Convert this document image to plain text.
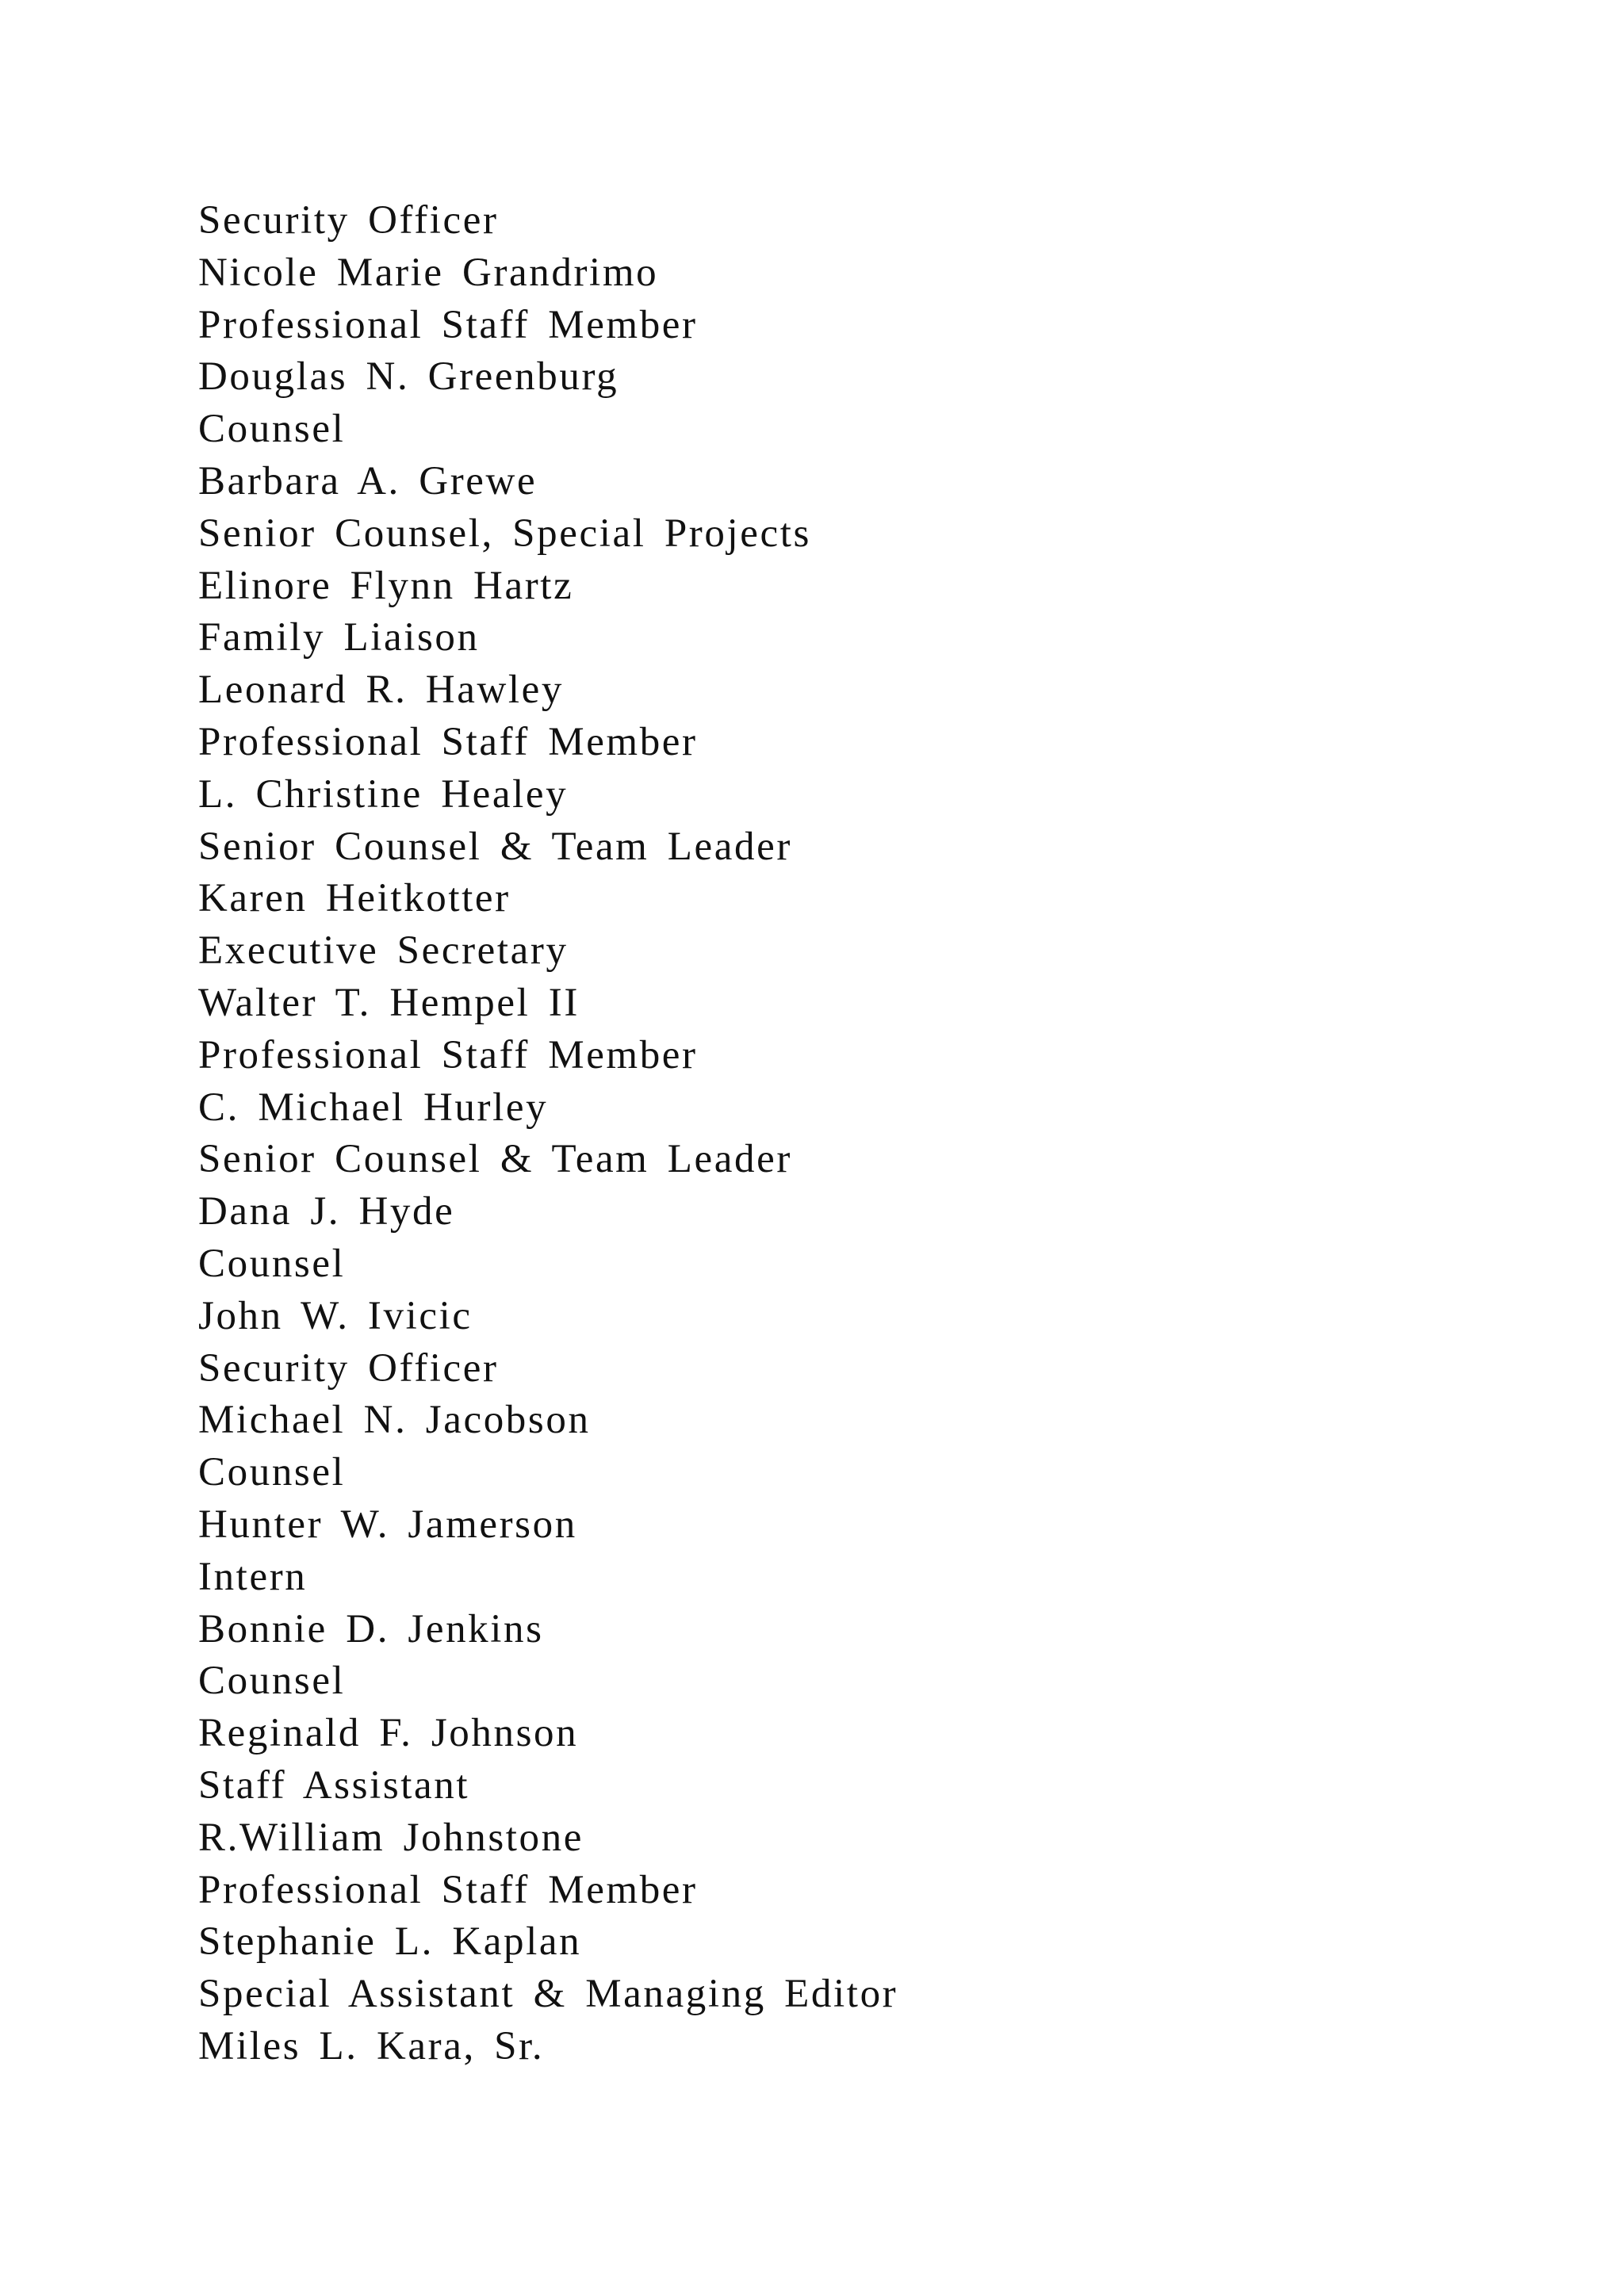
Security Officer
Nicole Marie Grandrimo
Professional Staff Member
Douglas N. Greenburg
Counsel
Barbara A. Grewe
Senior Counsel, Special Projects
Elinore Flynn Hartz
Family Liaison
Leonard R. Hawley
Professional Staff Member
L. Christine Healey
Senior Counsel & Team Leader
Karen Heitkotter
Executive Secretary
Walter T. Hempel II
Professional Staff Member
C. Michael Hurley
Senior Counsel & Team Leader
Dana J. Hyde
Counsel
John W. Ivicic
Security Officer
Michael N. Jacobson
Counsel
Hunter W. Jamerson
Intern
Bonnie D. Jenkins
Counsel
Reginald F. Johnson
Staff Assistant
R.William Johnstone
Professional Staff Member
Stephanie L. Kaplan
Special Assistant & Managing Editor
Miles L. Kara, Sr.
